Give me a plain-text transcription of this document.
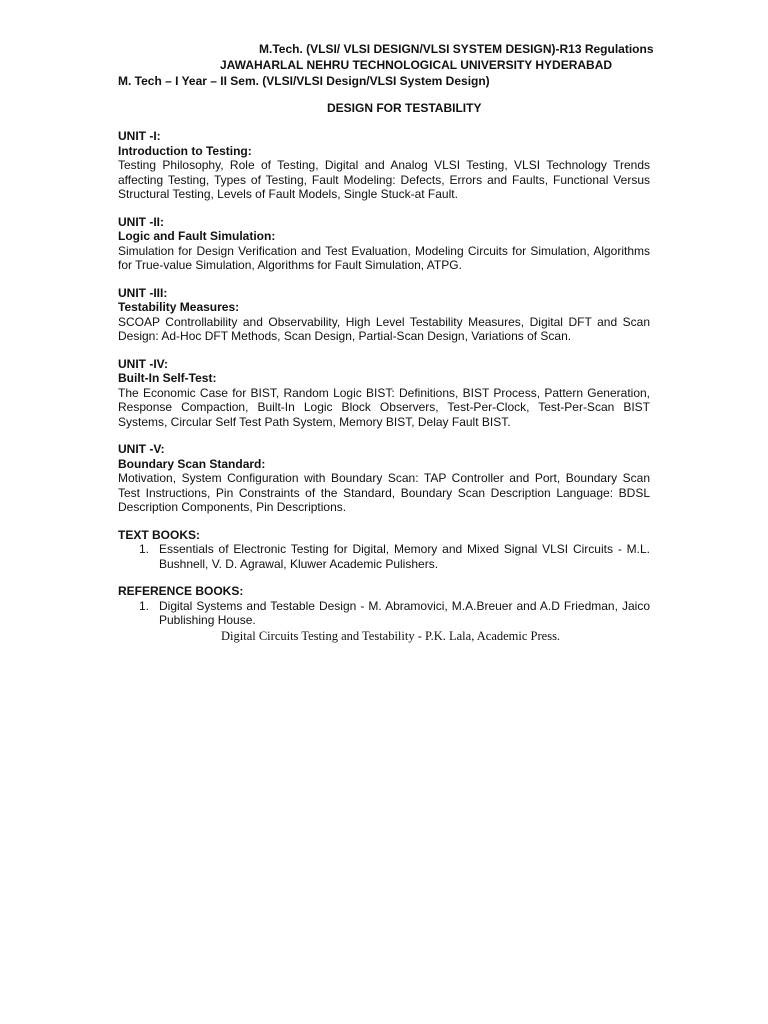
M.Tech. (VLSI/ VLSI DESIGN/VLSI SYSTEM DESIGN)-R13 Regulations
JAWAHARLAL NEHRU TECHNOLOGICAL UNIVERSITY HYDERABAD
M. Tech – I Year – II Sem. (VLSI/VLSI Design/VLSI System Design)
DESIGN FOR TESTABILITY
UNIT -I:
Introduction to Testing:
Testing Philosophy, Role of Testing, Digital and Analog VLSI Testing, VLSI Technology Trends affecting Testing, Types of Testing, Fault Modeling: Defects, Errors and Faults, Functional Versus Structural Testing, Levels of Fault Models, Single Stuck-at Fault.
UNIT -II:
Logic and Fault Simulation:
Simulation for Design Verification and Test Evaluation, Modeling Circuits for Simulation, Algorithms for True-value Simulation, Algorithms for Fault Simulation, ATPG.
UNIT -III:
Testability Measures:
SCOAP Controllability and Observability, High Level Testability Measures, Digital DFT and Scan Design: Ad-Hoc DFT Methods, Scan Design, Partial-Scan Design, Variations of Scan.
UNIT -IV:
Built-In Self-Test:
The Economic Case for BIST, Random Logic BIST: Definitions, BIST Process, Pattern Generation, Response Compaction, Built-In Logic Block Observers, Test-Per-Clock, Test-Per-Scan BIST Systems, Circular Self Test Path System, Memory BIST, Delay Fault BIST.
UNIT -V:
Boundary Scan Standard:
Motivation, System Configuration with Boundary Scan: TAP Controller and Port, Boundary Scan Test Instructions, Pin Constraints of the Standard, Boundary Scan Description Language: BDSL Description Components, Pin Descriptions.
TEXT BOOKS:
1. Essentials of Electronic Testing for Digital, Memory and Mixed Signal VLSI Circuits - M.L. Bushnell, V. D. Agrawal, Kluwer Academic Pulishers.
REFERENCE BOOKS:
1. Digital Systems and Testable Design - M. Abramovici, M.A.Breuer and A.D Friedman, Jaico Publishing House.
Digital Circuits Testing and Testability - P.K. Lala, Academic Press.
